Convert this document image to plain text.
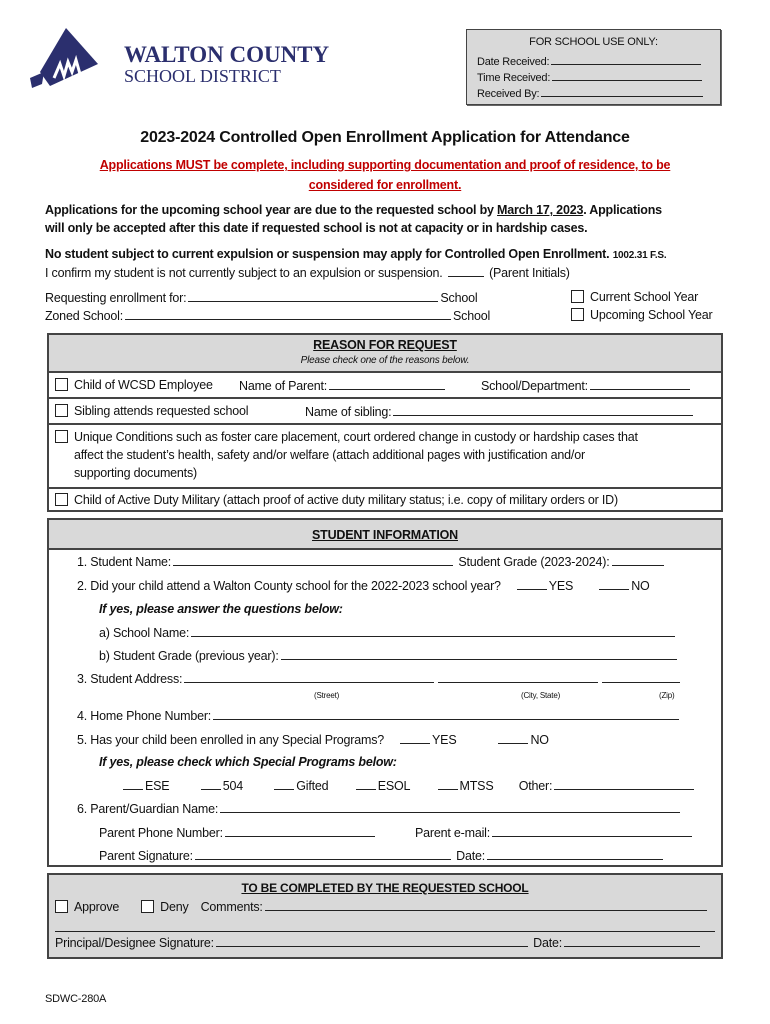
WALTON COUNTY
SCHOOL DISTRICT
FOR SCHOOL USE ONLY:
Date Received:
Time Received:
Received By:
2023-2024 Controlled Open Enrollment Application for Attendance
Applications MUST be complete, including supporting documentation and proof of residence, to be
considered for enrollment.
Applications for the upcoming school year are due to the requested school by March 17, 2023. Applications
will only be accepted after this date if requested school is not at capacity or in hardship cases.
No student subject to current expulsion or suspension may apply for Controlled Open Enrollment. 1002.31 F.S.
I confirm my student is not currently subject to an expulsion or suspension.	(Parent Initials)
Requesting enrollment for:	School
Zoned School:	School
Current School Year
Upcoming School Year
REASON FOR REQUEST
Please check one of the reasons below.
Child of WCSD Employee Name of Parent:	School/Department:
Sibling attends requested school	Name of sibling:
Unique Conditions such as foster care placement, court ordered change in custody or hardship cases that
affect the student’s health, safety and/or welfare (attach additional pages with justification and/or
supporting documents)
Child of Active Duty Military (attach proof of active duty military status; i.e. copy of military orders or ID)
STUDENT INFORMATION
1. Student Name:	Student Grade (2023-2024):
2. Did your child attend a Walton County school for the 2022-2023 school year?	YES	NO
If yes, please answer the questions below:
a) School Name:
b) Student Grade (previous year):
3. Student Address:
(Street)	(City, State)	(Zip)
4. Home Phone Number:
5. Has your child been enrolled in any Special Programs?	YES	NO
If yes, please check which Special Programs below:
ESE	504	Gifted	ESOL	MTSS Other:
6. Parent/Guardian Name:
Parent Phone Number:	Parent e-mail:
Parent Signature:	Date:
TO BE COMPLETED BY THE REQUESTED SCHOOL
Approve	Deny Comments:
Principal/Designee Signature:	Date:
SDWC-280A
